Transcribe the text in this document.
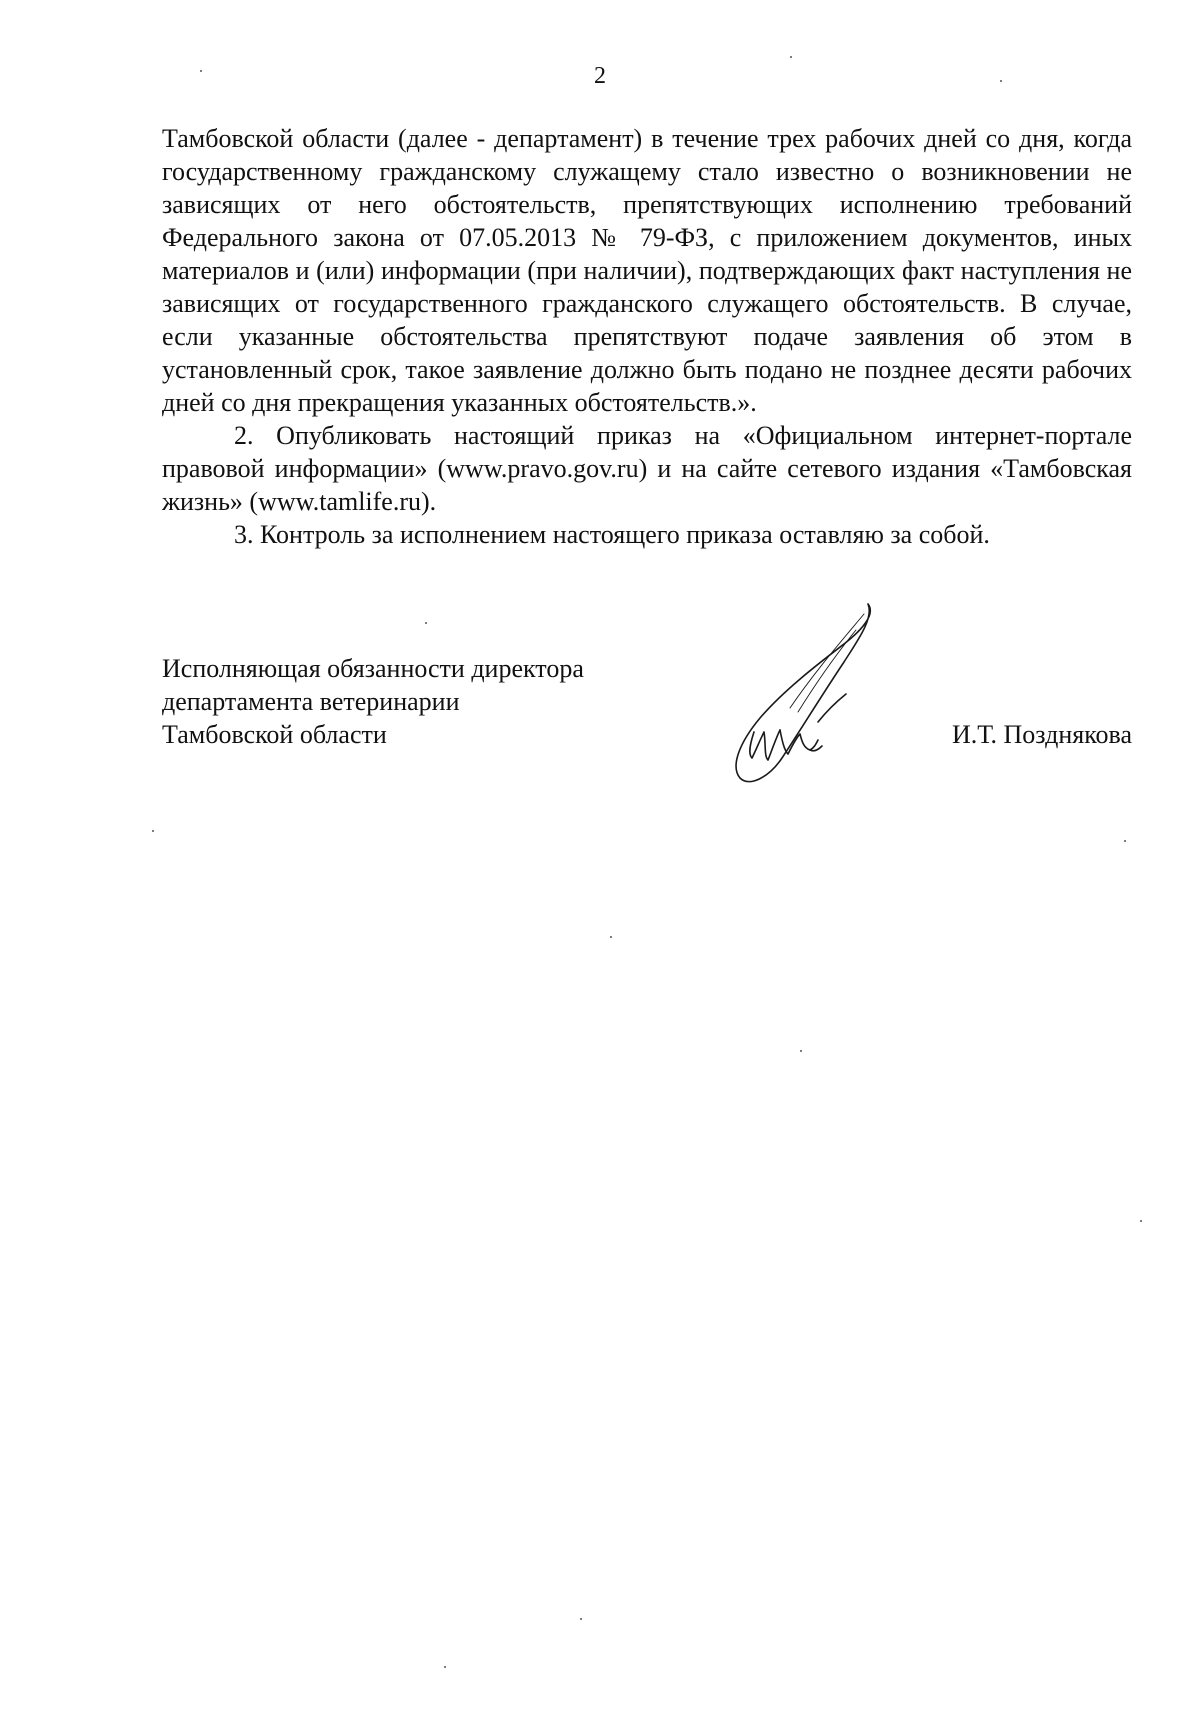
2

Тамбовской области (далее - департамент) в течение трех рабочих дней со дня, когда государственному гражданскому служащему стало известно о возникновении не зависящих от него обстоятельств, препятствующих исполнению требований Федерального закона от 07.05.2013 № 79-ФЗ, с приложением документов, иных материалов и (или) информации (при наличии), подтверждающих факт наступления не зависящих от государственного гражданского служащего обстоятельств. В случае, если указанные обстоятельства препятствуют подаче заявления об этом в установленный срок, такое заявление должно быть подано не позднее десяти рабочих дней со дня прекращения указанных обстоятельств.».

2. Опубликовать настоящий приказ на «Официальном интернет-портале правовой информации» (www.pravo.gov.ru) и на сайте сетевого издания «Тамбовская жизнь» (www.tamlife.ru).

3. Контроль за исполнением настоящего приказа оставляю за собой.

Исполняющая обязанности директора
департамента ветеринарии
Тамбовской области	И.Т. Позднякова
